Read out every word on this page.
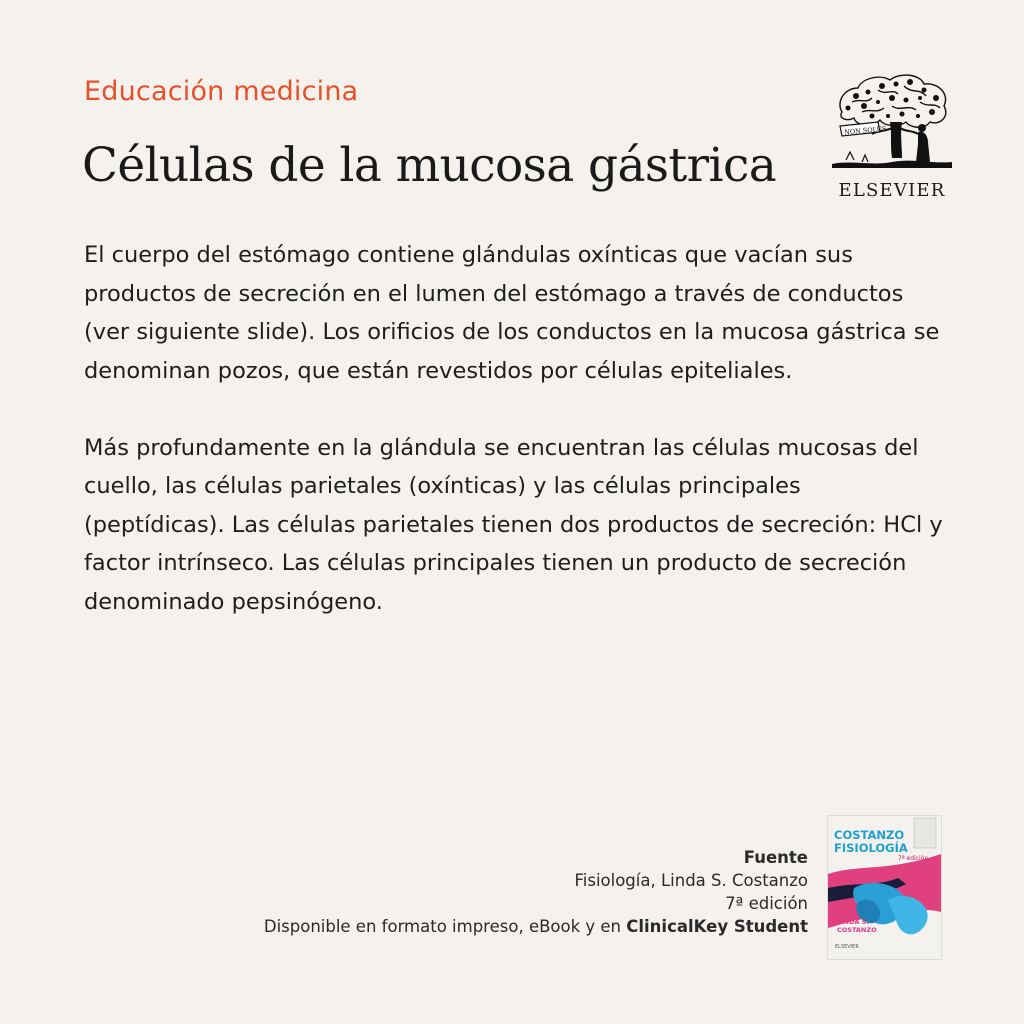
Educación medicina
Células de la mucosa gástrica
NON SOLUS
ELSEVIER

El cuerpo del estómago contiene glándulas oxínticas que vacían sus productos de secreción en el lumen del estómago a través de conductos (ver siguiente slide). Los orificios de los conductos en la mucosa gástrica se denominan pozos, que están revestidos por células epiteliales.

Más profundamente en la glándula se encuentran las células mucosas del cuello, las células parietales (oxínticas) y las células principales (peptídicas). Las células parietales tienen dos productos de secreción: HCl y factor intrínseco. Las células principales tienen un producto de secreción denominado pepsinógeno.

Fuente
Fisiología, Linda S. Costanzo
7ª edición
Disponible en formato impreso, eBook y en ClinicalKey Student
COSTANZO
FISIOLOGÍA
7ª edición
LINDA S.
COSTANZO
ELSEVIER
